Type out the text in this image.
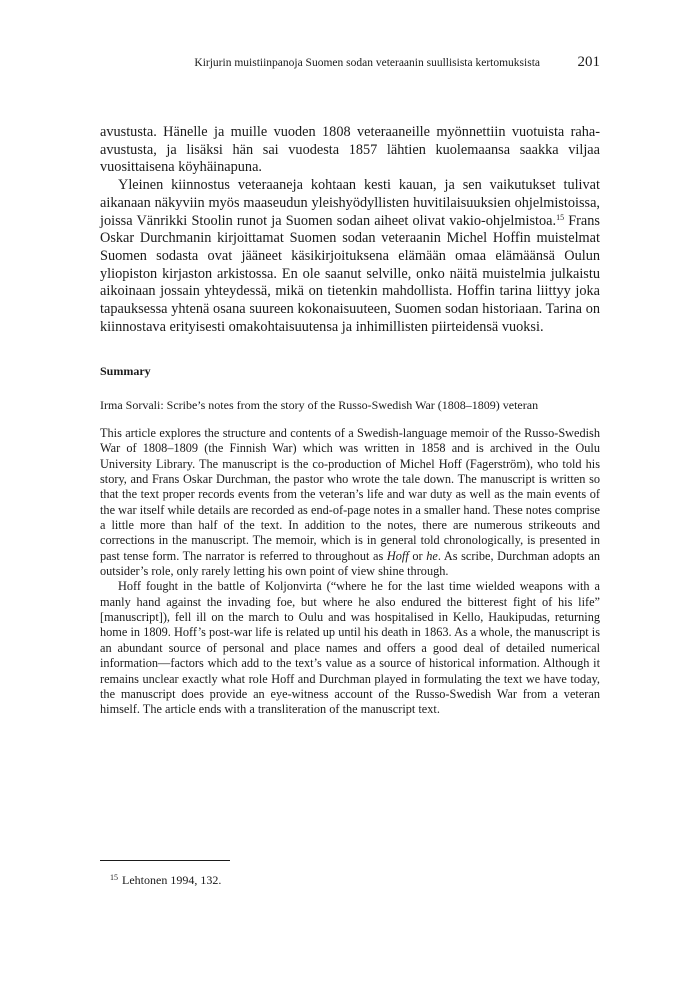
Kirjurin muistiinpanoja Suomen sodan veteraanin suullisista kertomuksista	201

avustusta. Hänelle ja muille vuoden 1808 veteraaneille myönnettiin vuotuista raha-avustusta, ja lisäksi hän sai vuodesta 1857 lähtien kuolemaansa saakka viljaa vuosittaisena köyhäinapuna.

Yleinen kiinnostus veteraaneja kohtaan kesti kauan, ja sen vaikutukset tulivat aikanaan näkyviin myös maaseudun yleishyödyllisten huvitilaisuuksien ohjelmistoissa, joissa Vänrikki Stoolin runot ja Suomen sodan aiheet olivat vakio-ohjelmistoa.$^{15}$ Frans Oskar Durchmanin kirjoittamat Suomen sodan veteraanin Michel Hoffin muistelmat Suomen sodasta ovat jääneet käsikirjoituksena elämään omaa elämäänsä Oulun yliopiston kirjaston arkistossa. En ole saanut selville, onko näitä muistelmia julkaistu aikoinaan jossain yhteydessä, mikä on tietenkin mahdollista. Hoffin tarina liittyy joka tapauksessa yhtenä osana suureen kokonaisuuteen, Suomen sodan historiaan. Tarina on kiinnostava erityisesti omakohtaisuutensa ja inhimillisten piirteidensä vuoksi.

Summary

Irma Sorvali: Scribe’s notes from the story of the Russo-Swedish War (1808–1809) veteran

This article explores the structure and contents of a Swedish-language memoir of the Russo-Swedish War of 1808–1809 (the Finnish War) which was written in 1858 and is archived in the Oulu University Library. The manuscript is the co-production of Michel Hoff (Fagerström), who told his story, and Frans Oskar Durchman, the pastor who wrote the tale down. The manuscript is written so that the text proper records events from the veteran’s life and war duty as well as the main events of the war itself while details are recorded as end-of-page notes in a smaller hand. These notes comprise a little more than half of the text. In addition to the notes, there are numerous strikeouts and corrections in the manuscript. The memoir, which is in general told chronologically, is presented in past tense form. The narrator is referred to throughout as Hoff or he. As scribe, Durchman adopts an outsider’s role, only rarely letting his own point of view shine through.

Hoff fought in the battle of Koljonvirta (“where he for the last time wielded weapons with a manly hand against the invading foe, but where he also endured the bitterest fight of his life” [manuscript]), fell ill on the march to Oulu and was hospitalised in Kello, Haukipudas, returning home in 1809. Hoff’s post-war life is related up until his death in 1863. As a whole, the manuscript is an abundant source of personal and place names and offers a good deal of detailed numerical information—factors which add to the text’s value as a source of historical information. Although it remains unclear exactly what role Hoff and Durchman played in formulating the text we have today, the manuscript does provide an eye-witness account of the Russo-Swedish War from a veteran himself. The article ends with a transliteration of the manuscript text.

$^{15}$ Lehtonen 1994, 132.
